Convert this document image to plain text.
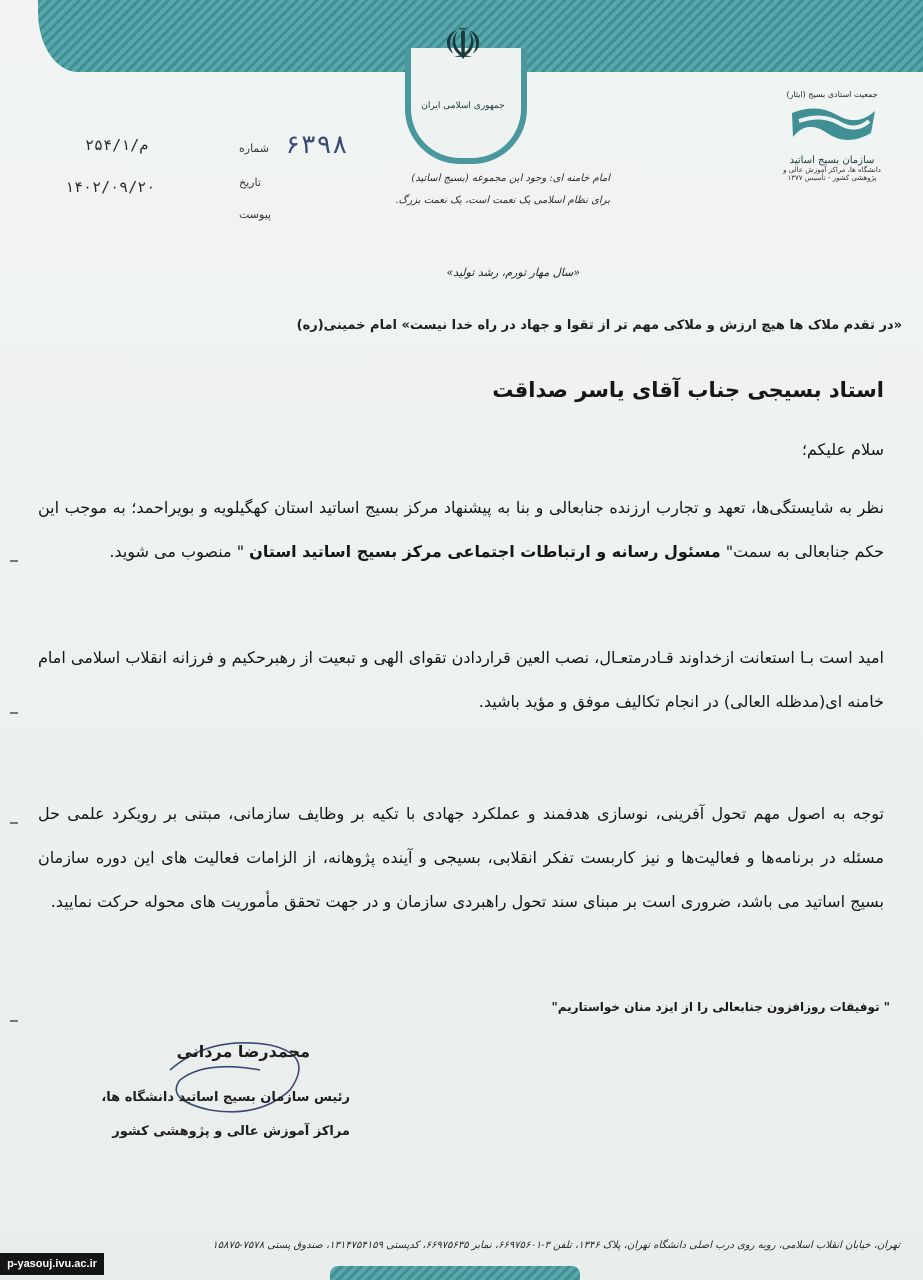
☫
جمهوری اسلامی ایران
جمعیت استادی بسیج (ایثار)
سازمان بسیج اساتید
دانشگاه ها، مراکز آموزش عالی و پژوهشی کشور - تأسیس ۱۳۷۷
۶۳۹۸
شماره
تاریخ
پیوست
۲۵۴/۱/م
۱۴۰۲/۰۹/۲۰	امام خامنه ای: وجود این مجموعه (بسیج اساتید)
برای نظام اسلامی یک نعمت است، یک نعمت بزرگ.
«سال مهار تورم، رشد تولید»
«در تقدم ملاک ها هیچ ارزش و ملاکی مهم تر از تقوا و جهاد در راه خدا نیست» امام خمینی(ره)
استاد بسیجی جناب آقای یاسر صداقت
سلام علیکم؛
نظر به شایستگی‌ها، تعهد و تجارب ارزنده جنابعالی و بنا به پیشنهاد مرکز بسیج اساتید استان کهگیلویه و بویراحمد؛ به موجب این حکم جنابعالی به سمت" مسئول رسانه و ارتباطات اجتماعی مرکز بسیج اساتید استان " منصوب می شوید.
امید است بـا استعانت ازخداوند قـادرمتعـال، نصب العین قراردادن تقوای الهی و تبعیت از رهبرحکیم و فرزانه انقلاب اسلامی امام خامنه ای(مدظله العالی) در انجام تکالیف موفق و مؤید باشید.
توجه به اصول مهم تحول آفرینی، نوسازی هدفمند و عملکرد جهادی با تکیه بر وظایف سازمانی، مبتنی بر رویکرد علمی حل مسئله در برنامه‌ها و فعالیت‌ها و نیز کاربست تفکر انقلابی، بسیجی و آینده پژوهانه، از الزامات فعالیت های این دوره سازمان بسیج اساتید می باشد، ضروری است بر مبنای سند تحول راهبردی سازمان و در جهت تحقق مأموریت های محوله حرکت نمایید.
" توفیقات روزافزون جنابعالی را از ایزد منان خواستاریم"
محمدرضا مردانی
رئیس سازمان بسیج اساتید دانشگاه ها،
مراکز آموزش عالی و پژوهشی کشور
تهران، خیابان انقلاب اسلامی، روبه روی درب اصلی دانشگاه تهران، پلاک ۱۳۴۶، تلفن ۳-۶۶۹۷۵۶۰۱، نمابر ۶۶۹۷۵۶۳۵، کدپستی ۱۳۱۴۷۵۴۱۵۹، صندوق پستی ۷۵۷۸-۱۵۸۷۵
p-yasouj.ivu.ac.ir
